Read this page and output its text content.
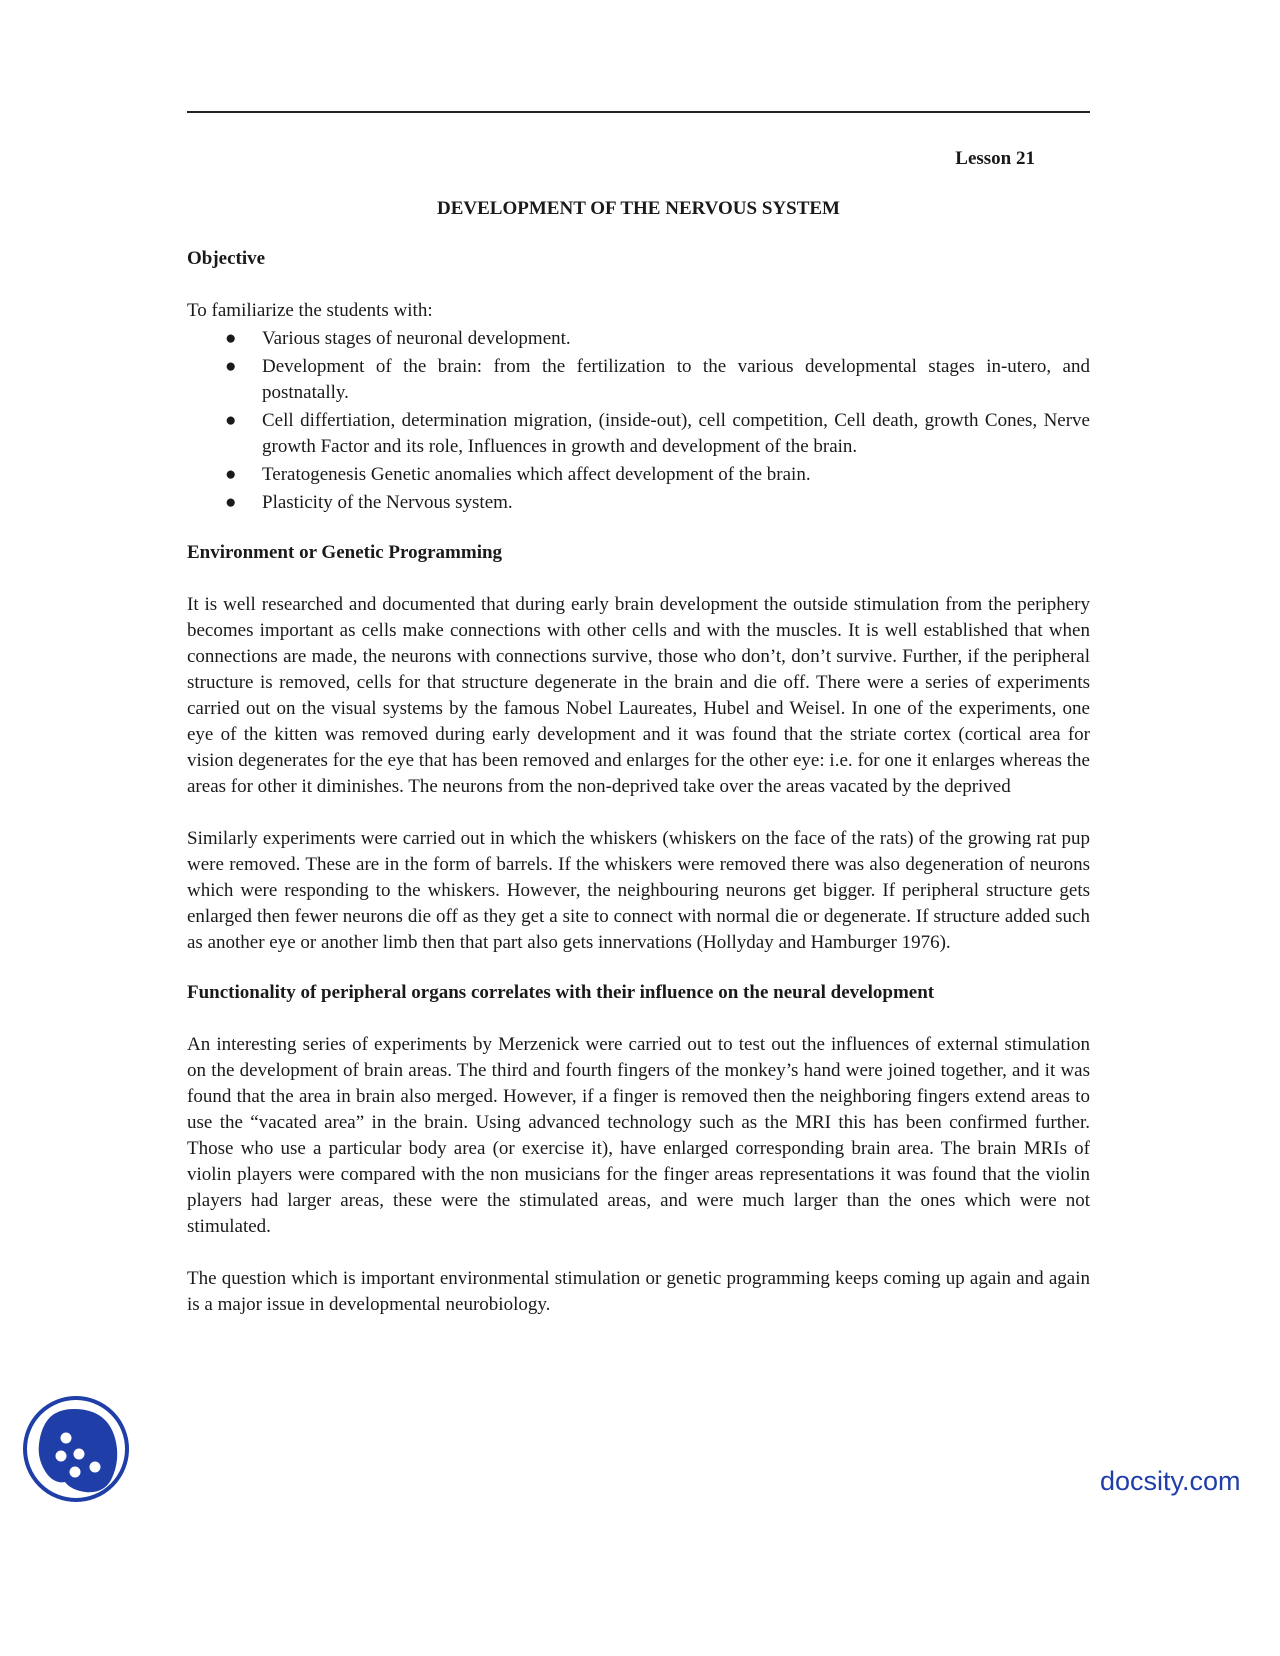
Lesson 21

DEVELOPMENT OF THE NERVOUS SYSTEM
Objective

To familiarize the students with:

● Various stages of neuronal development.
● Development of the brain: from the fertilization to the various developmental stages in-utero, and postnatally.
● Cell differtiation, determination migration, (inside-out), cell competition, Cell death, growth Cones, Nerve growth Factor and its role, Influences in growth and development of the brain.
● Teratogenesis Genetic anomalies which affect development of the brain.
● Plasticity of the Nervous system.
Environment or Genetic Programming

It is well researched and documented that during early brain development the outside stimulation from the periphery becomes important as cells make connections with other cells and with the muscles. It is well established that when connections are made, the neurons with connections survive, those who don’t, don’t survive. Further, if the peripheral structure is removed, cells for that structure degenerate in the brain and die off. There were a series of experiments carried out on the visual systems by the famous Nobel Laureates, Hubel and Weisel. In one of the experiments, one eye of the kitten was removed during early development and it was found that the striate cortex (cortical area for vision degenerates for the eye that has been removed and enlarges for the other eye: i.e. for one it enlarges whereas the areas for other it diminishes. The neurons from the non-deprived take over the areas vacated by the deprived

Similarly experiments were carried out in which the whiskers (whiskers on the face of the rats) of the growing rat pup were removed. These are in the form of barrels. If the whiskers were removed there was also degeneration of neurons which were responding to the whiskers. However, the neighbouring neurons get bigger. If peripheral structure gets enlarged then fewer neurons die off as they get a site to connect with normal die or degenerate. If structure added such as another eye or another limb then that part also gets innervations (Hollyday and Hamburger 1976).

Functionality of peripheral organs correlates with their influence on the neural development

An interesting series of experiments by Merzenick were carried out to test out the influences of external stimulation on the development of brain areas. The third and fourth fingers of the monkey’s hand were joined together, and it was found that the area in brain also merged. However, if a finger is removed then the neighboring fingers extend areas to use the “vacated area” in the brain. Using advanced technology such as the MRI this has been confirmed further. Those who use a particular body area (or exercise it), have enlarged corresponding brain area. The brain MRIs of violin players were compared with the non musicians for the finger areas representations it was found that the violin players had larger areas, these were the stimulated areas, and were much larger than the ones which were not stimulated.

The question which is important environmental stimulation or genetic programming keeps coming up again and again is a major issue in developmental neurobiology.

docsity.com
